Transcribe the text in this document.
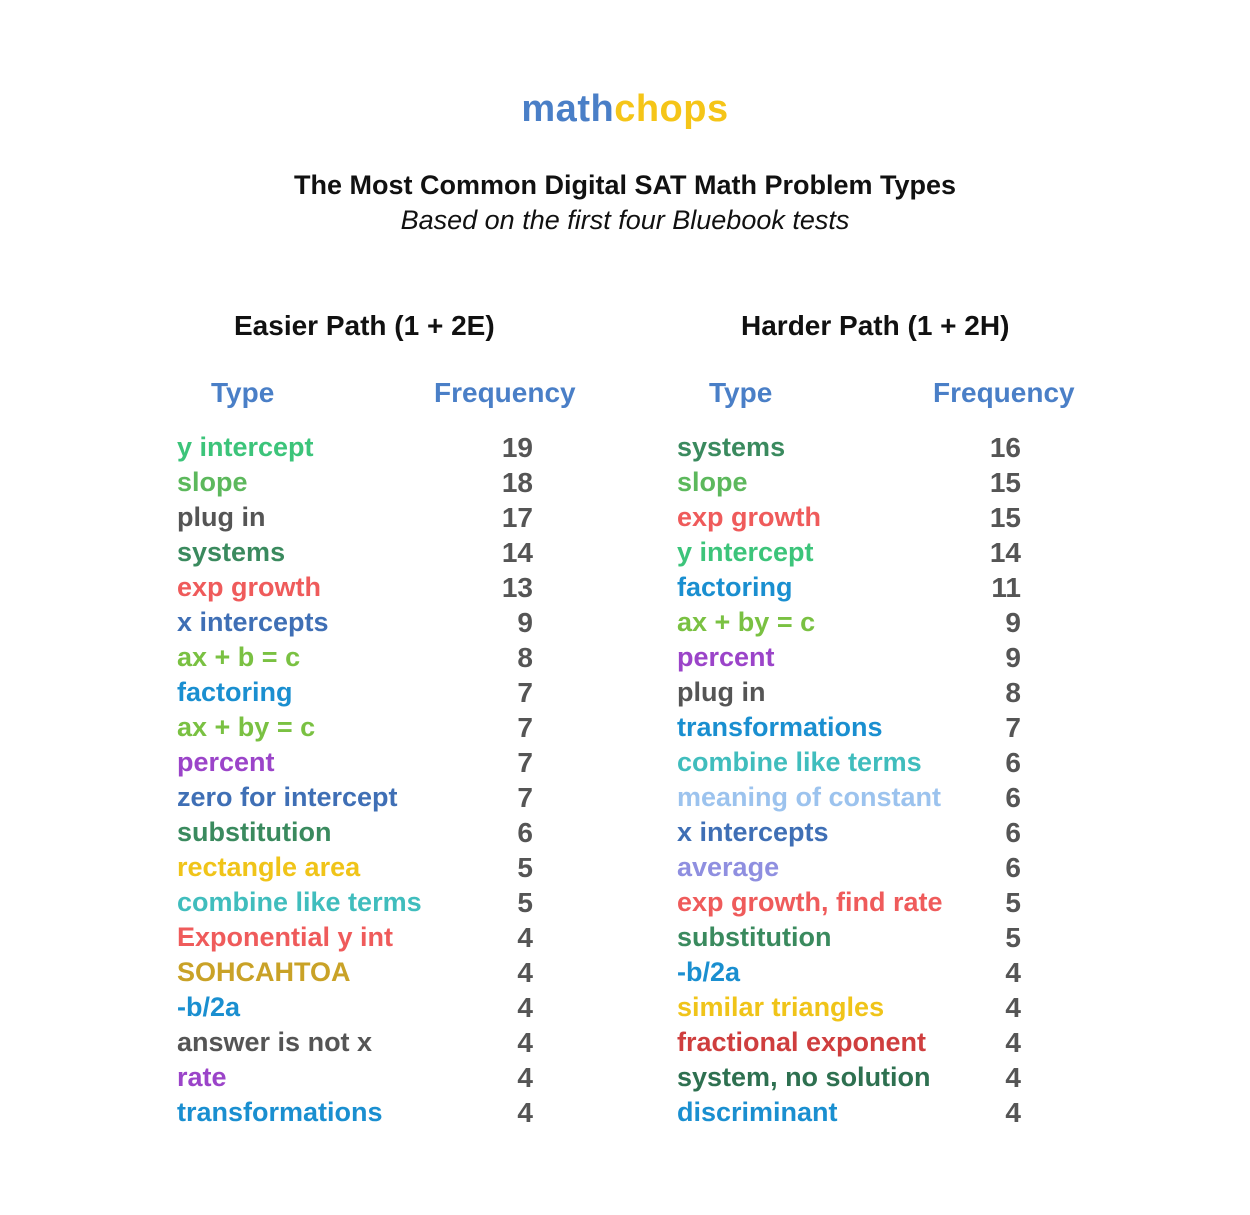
mathchops
The Most Common Digital SAT Math Problem Types
Based on the first four Bluebook tests
Easier Path (1 + 2E)	Harder Path (1 + 2H)
Type	Frequency	Type	Frequency
y intercept	19
slope	18
plug in	17
systems	14
exp growth	13
x intercepts	9
ax + b = c	8
factoring	7
ax + by = c	7
percent	7
zero for intercept	7
substitution	6
rectangle area	5
combine like terms	5
Exponential y int	4
SOHCAHTOA	4
-b/2a	4
answer is not x	4
rate	4
transformations	4
systems	16
slope	15
exp growth	15
y intercept	14
factoring	11
ax + by = c	9
percent	9
plug in	8
transformations	7
combine like terms	6
meaning of constant	6
x intercepts	6
average	6
exp growth, find rate	5
substitution	5
-b/2a	4
similar triangles	4
fractional exponent	4
system, no solution	4
discriminant	4
